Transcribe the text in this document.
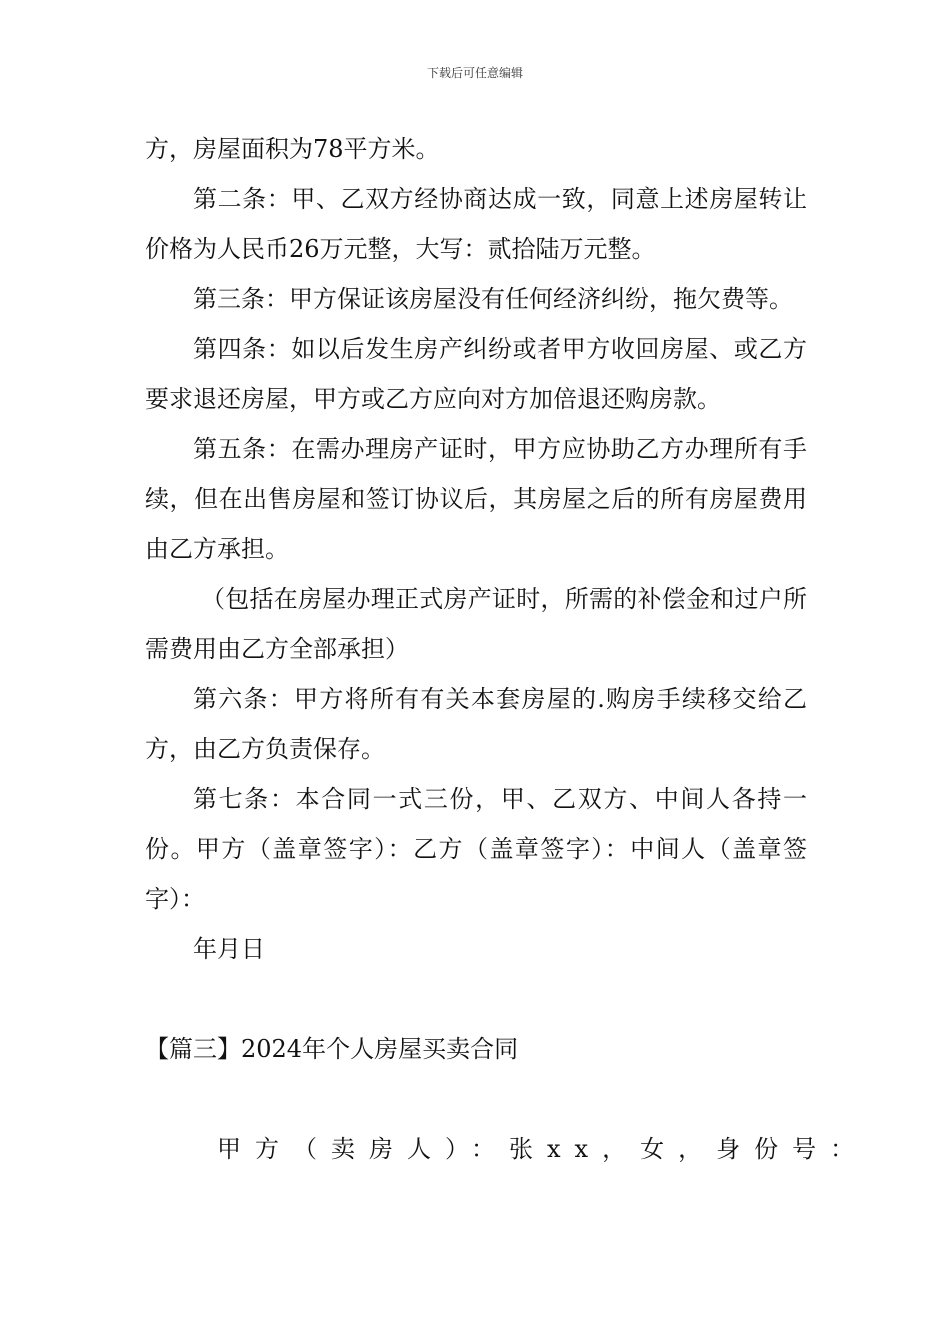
下载后可任意编辑

方，房屋面积为78平方米。

第二条：甲、乙双方经协商达成一致，同意上述房屋转让价格为人民币26万元整，大写：贰拾陆万元整。

第三条：甲方保证该房屋没有任何经济纠纷，拖欠费等。

第四条：如以后发生房产纠纷或者甲方收回房屋、或乙方要求退还房屋，甲方或乙方应向对方加倍退还购房款。

第五条：在需办理房产证时，甲方应协助乙方办理所有手续，但在出售房屋和签订协议后，其房屋之后的所有房屋费用由乙方承担。

（包括在房屋办理正式房产证时，所需的补偿金和过户所需费用由乙方全部承担）

第六条：甲方将所有有关本套房屋的.购房手续移交给乙方，由乙方负责保存。

第七条：本合同一式三份，甲、乙双方、中间人各持一份。甲方（盖章签字）：乙方（盖章签字）：中间人（盖章签字）：

年月日

【篇三】2024年个人房屋买卖合同

甲方（卖房人）：张xx，女，身份号：
